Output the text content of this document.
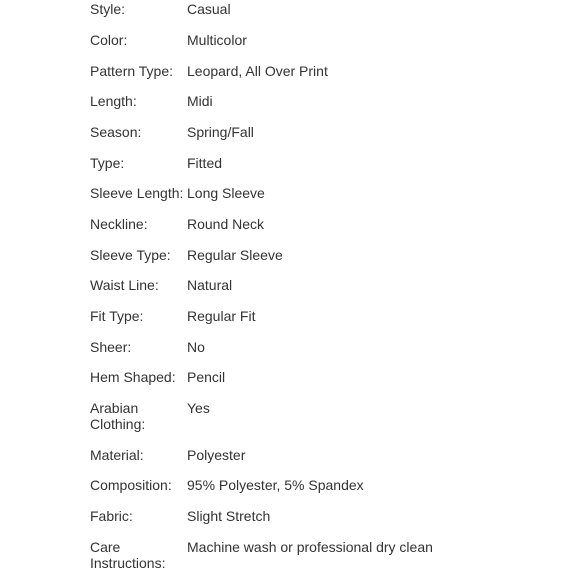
Style:	Casual
Color:	Multicolor
Pattern Type: Leopard, All Over Print
Length:	Midi
Season:	Spring/Fall
Type:	Fitted
Sleeve Length: Long Sleeve
Neckline:	Round Neck
Sleeve Type:	Regular Sleeve
Waist Line:	Natural
Fit Type:	Regular Fit
Sheer:	No
Hem Shaped: Pencil
Arabian Clothing:
Yes
Material:	Polyester
Composition:	95% Polyester, 5% Spandex
Fabric:	Slight Stretch
Care Instructions:
Machine wash or professional dry clean
